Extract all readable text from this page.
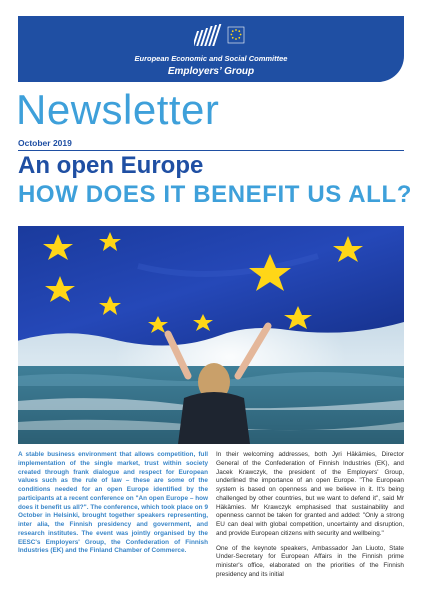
European Economic and Social Committee
Employers’ Group
Newsletter
October 2019
An open Europe
HOW DOES IT BENEFIT US ALL?
A stable business environment that allows competition, full implementation of the single market, trust within society created through frank dialogue and respect for European values such as the rule of law – these are some of the conditions needed for an open Europe identified by the participants at a recent conference on "An open Europe – how does it benefit us all?". The conference, which took place on 9 October in Helsinki, brought together speakers representing, inter alia, the Finnish presidency and government, and research institutes. The event was jointly organised by the EESC's Employers' Group, the Confederation of Finnish Industries (EK) and the Finland Chamber of Commerce.

In their welcoming addresses, both Jyri Häkämies, Director General of the Confederation of Finnish Industries (EK), and Jacek Krawczyk, the president of the Employers' Group, underlined the importance of an open Europe. "The European system is based on openness and we believe in it. It's being challenged by other countries, but we want to defend it", said Mr Häkämies. Mr Krawczyk emphasised that sustainability and openness cannot be taken for granted and added: "Only a strong EU can deal with global competition, uncertainty and disruption, and provide European citizens with security and wellbeing."

One of the keynote speakers, Ambassador Jan Liuoto, State Under-Secretary for European Affairs in the Finnish prime minister's office, elaborated on the priorities of the Finnish presidency and its initial
